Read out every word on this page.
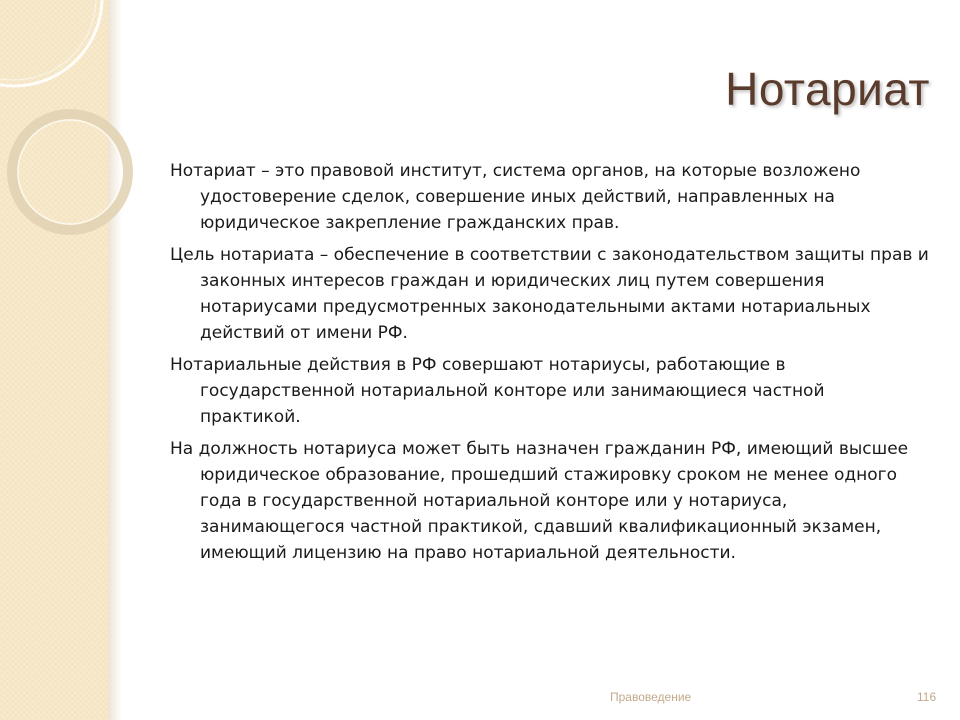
Нотариат

Нотариат – это правовой институт, система органов, на которые возложено удостоверение сделок, совершение иных действий, направленных на юридическое закрепление гражданских прав.

Цель нотариата – обеспечение в соответствии с законодательством защиты прав и законных интересов граждан и юридических лиц путем совершения нотариусами предусмотренных законодательными актами нотариальных действий от имени РФ.

Нотариальные действия в РФ совершают нотариусы, работающие в государственной нотариальной конторе или занимающиеся частной практикой.

На должность нотариуса может быть назначен гражданин РФ, имеющий высшее юридическое образование, прошедший стажировку сроком не менее одного года в государственной нотариальной конторе или у нотариуса, занимающегося частной практикой, сдавший квалификационный экзамен, имеющий лицензию на право нотариальной деятельности.

Правоведение	116
